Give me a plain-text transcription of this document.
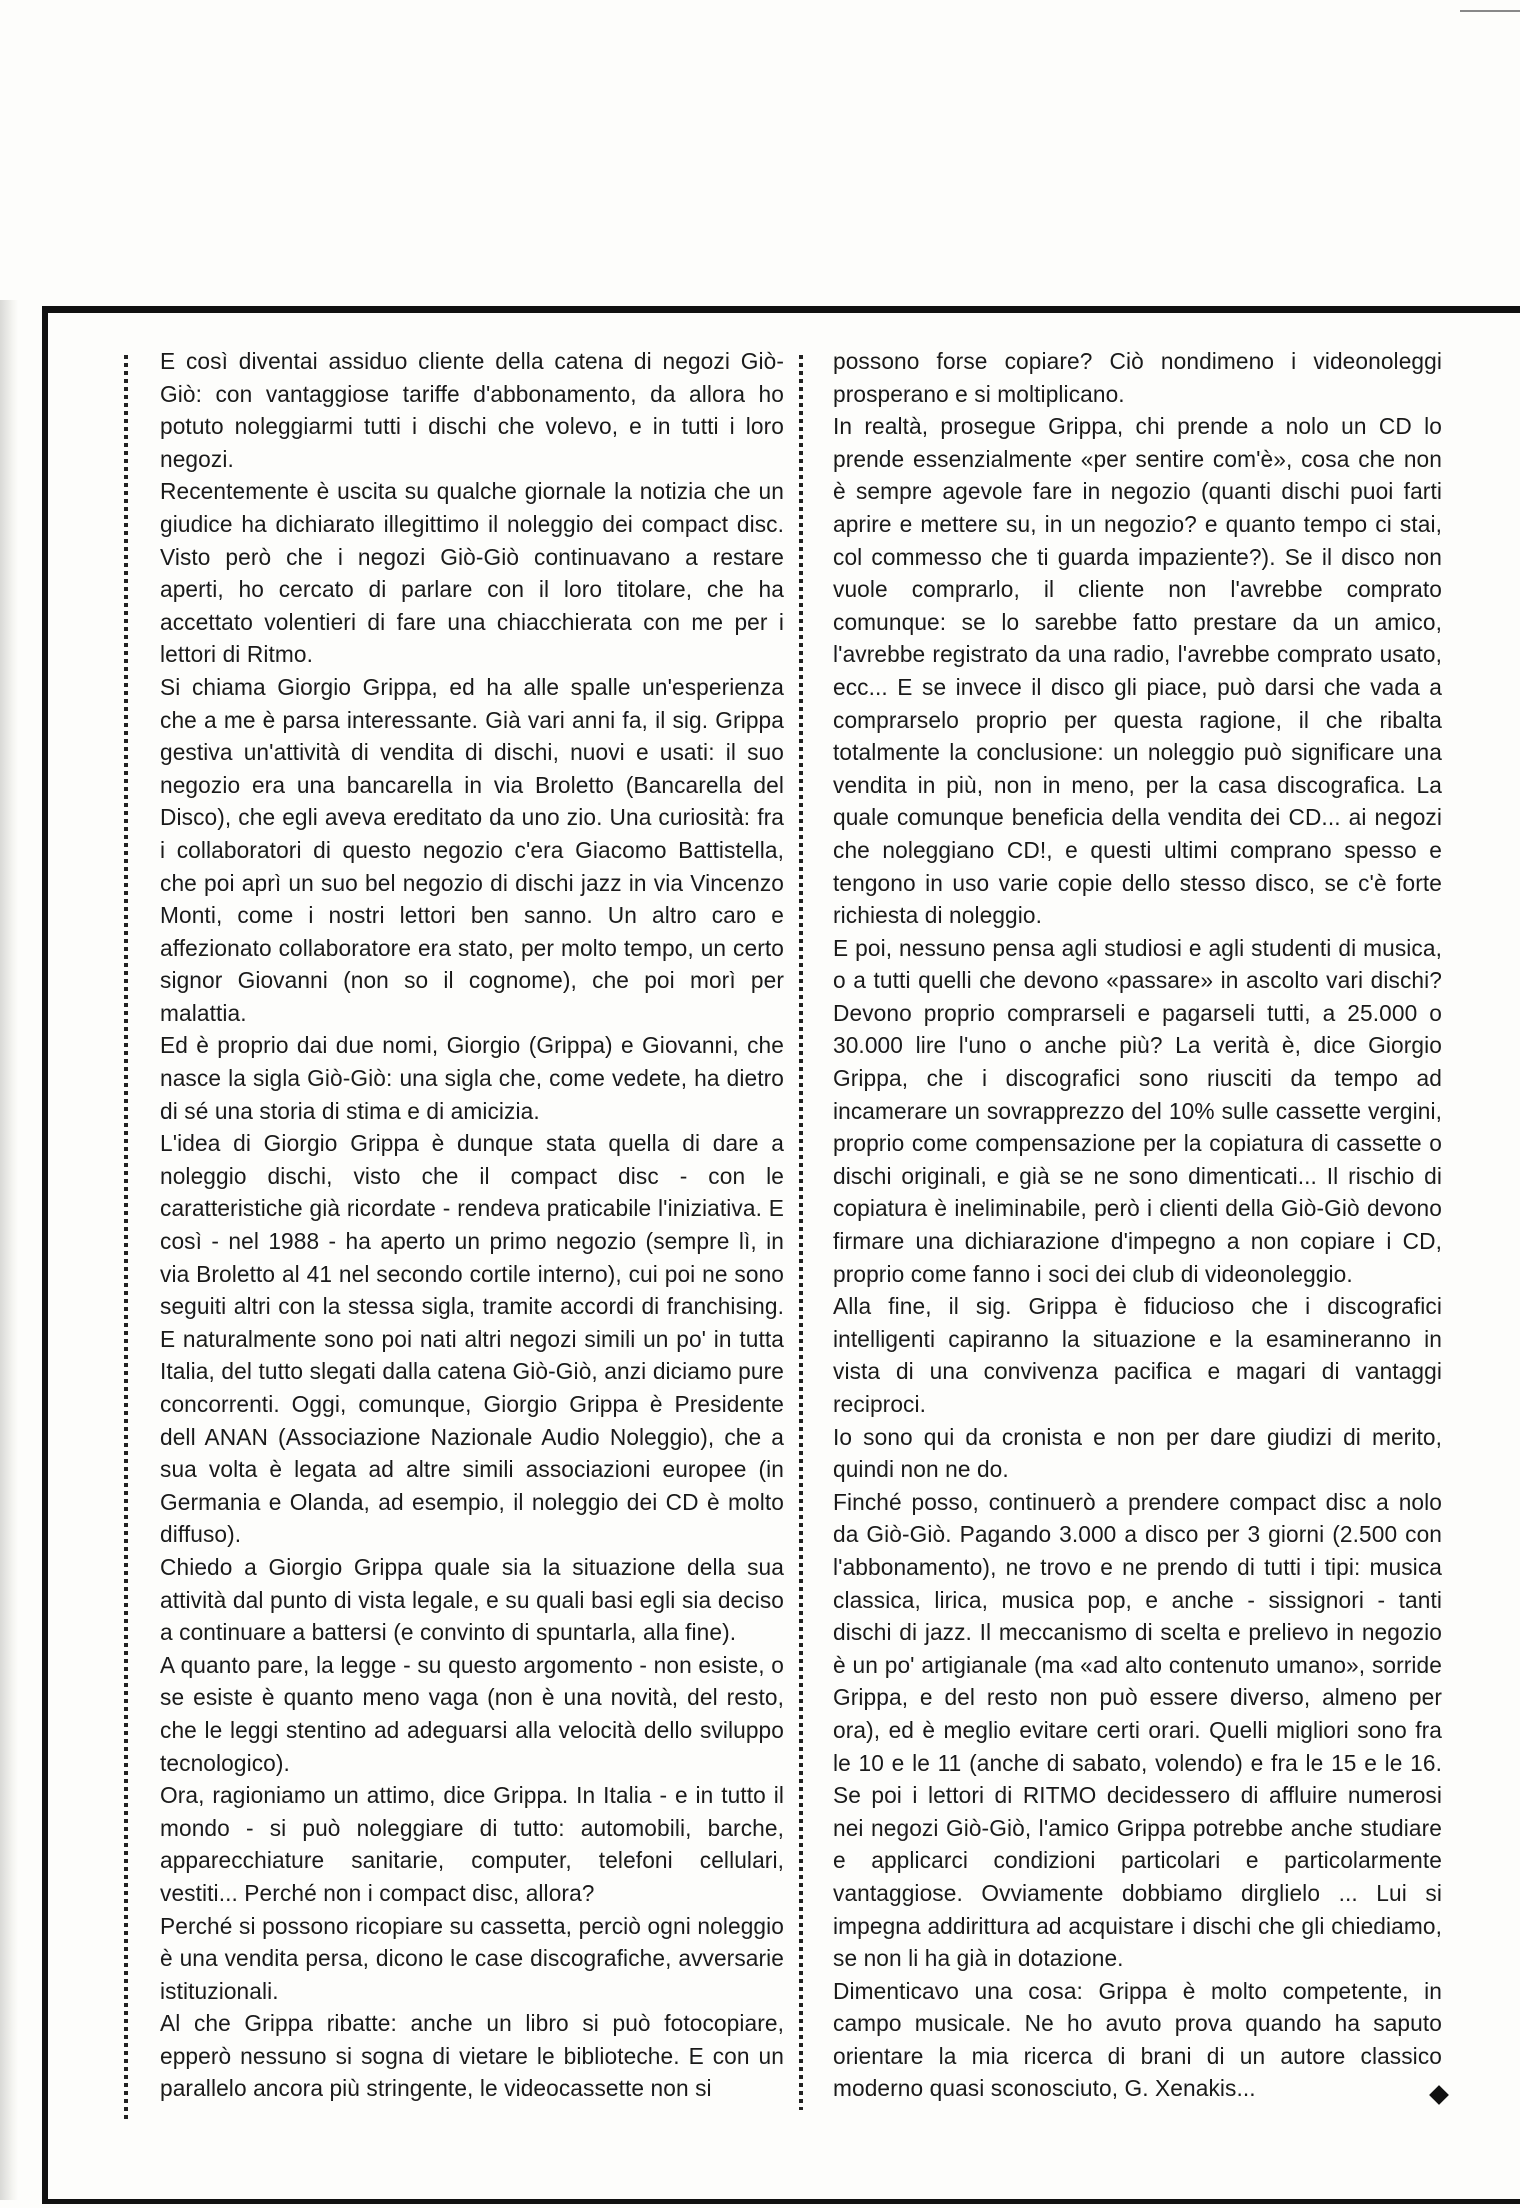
E così diventai assiduo cliente della catena di negozi Giò-Giò: con vantaggiose tariffe d'abbonamento, da allora ho potuto noleggiarmi tutti i dischi che volevo, e in tutti i loro negozi.

Recentemente è uscita su qualche giornale la notizia che un giudice ha dichiarato illegittimo il noleggio dei compact disc. Visto però che i negozi Giò-Giò continuavano a restare aperti, ho cercato di parlare con il loro titolare, che ha accettato volentieri di fare una chiacchierata con me per i lettori di Ritmo.

Si chiama Giorgio Grippa, ed ha alle spalle un'esperienza che a me è parsa interessante. Già vari anni fa, il sig. Grippa gestiva un'attività di vendita di dischi, nuovi e usati: il suo negozio era una bancarella in via Broletto (Bancarella del Disco), che egli aveva ereditato da uno zio. Una curiosità: fra i collaboratori di questo negozio c'era Giacomo Battistella, che poi aprì un suo bel negozio di dischi jazz in via Vincenzo Monti, come i nostri lettori ben sanno. Un altro caro e affezionato collaboratore era stato, per molto tempo, un certo signor Giovanni (non so il cognome), che poi morì per malattia.

Ed è proprio dai due nomi, Giorgio (Grippa) e Giovanni, che nasce la sigla Giò-Giò: una sigla che, come vedete, ha dietro di sé una storia di stima e di amicizia.

L'idea di Giorgio Grippa è dunque stata quella di dare a noleggio dischi, visto che il compact disc - con le caratteristiche già ricordate - rendeva praticabile l'iniziativa. E così - nel 1988 - ha aperto un primo negozio (sempre lì, in via Broletto al 41 nel secondo cortile interno), cui poi ne sono seguiti altri con la stessa sigla, tramite accordi di franchising. E naturalmente sono poi nati altri negozi simili un po' in tutta Italia, del tutto slegati dalla catena Giò-Giò, anzi diciamo pure concorrenti. Oggi, comunque, Giorgio Grippa è Presidente dell ANAN (Associazione Nazionale Audio Noleggio), che a sua volta è legata ad altre simili associazioni europee (in Germania e Olanda, ad esempio, il noleggio dei CD è molto diffuso).

Chiedo a Giorgio Grippa quale sia la situazione della sua attività dal punto di vista legale, e su quali basi egli sia deciso a continuare a battersi (e convinto di spuntarla, alla fine).

A quanto pare, la legge - su questo argomento - non esiste, o se esiste è quanto meno vaga (non è una novità, del resto, che le leggi stentino ad adeguarsi alla velocità dello sviluppo tecnologico).

Ora, ragioniamo un attimo, dice Grippa. In Italia - e in tutto il mondo - si può noleggiare di tutto: automobili, barche, apparecchiature sanitarie, computer, telefoni cellulari, vestiti... Perché non i compact disc, allora?

Perché si possono ricopiare su cassetta, perciò ogni noleggio è una vendita persa, dicono le case discografiche, avversarie istituzionali.

Al che Grippa ribatte: anche un libro si può fotocopiare, epperò nessuno si sogna di vietare le biblioteche. E con un parallelo ancora più stringente, le videocassette non si

possono forse copiare? Ciò nondimeno i videonoleggi prosperano e si moltiplicano.

In realtà, prosegue Grippa, chi prende a nolo un CD lo prende essenzialmente «per sentire com'è», cosa che non è sempre agevole fare in negozio (quanti dischi puoi farti aprire e mettere su, in un negozio? e quanto tempo ci stai, col commesso che ti guarda impaziente?). Se il disco non vuole comprarlo, il cliente non l'avrebbe comprato comunque: se lo sarebbe fatto prestare da un amico, l'avrebbe registrato da una radio, l'avrebbe comprato usato, ecc... E se invece il disco gli piace, può darsi che vada a comprarselo proprio per questa ragione, il che ribalta totalmente la conclusione: un noleggio può significare una vendita in più, non in meno, per la casa discografica. La quale comunque beneficia della vendita dei CD... ai negozi che noleggiano CD!, e questi ultimi comprano spesso e tengono in uso varie copie dello stesso disco, se c'è forte richiesta di noleggio.

E poi, nessuno pensa agli studiosi e agli studenti di musica, o a tutti quelli che devono «passare» in ascolto vari dischi? Devono proprio comprarseli e pagarseli tutti, a 25.000 o 30.000 lire l'uno o anche più? La verità è, dice Giorgio Grippa, che i discografici sono riusciti da tempo ad incamerare un sovrapprezzo del 10% sulle cassette vergini, proprio come compensazione per la copiatura di cassette o dischi originali, e già se ne sono dimenticati... Il rischio di copiatura è ineliminabile, però i clienti della Giò-Giò devono firmare una dichiarazione d'impegno a non copiare i CD, proprio come fanno i soci dei club di videonoleggio.

Alla fine, il sig. Grippa è fiducioso che i discografici intelligenti capiranno la situazione e la esamineranno in vista di una convivenza pacifica e magari di vantaggi reciproci.

Io sono qui da cronista e non per dare giudizi di merito, quindi non ne do.

Finché posso, continuerò a prendere compact disc a nolo da Giò-Giò. Pagando 3.000 a disco per 3 giorni (2.500 con l'abbonamento), ne trovo e ne prendo di tutti i tipi: musica classica, lirica, musica pop, e anche - sissignori - tanti dischi di jazz. Il meccanismo di scelta e prelievo in negozio è un po' artigianale (ma «ad alto contenuto umano», sorride Grippa, e del resto non può essere diverso, almeno per ora), ed è meglio evitare certi orari. Quelli migliori sono fra le 10 e le 11 (anche di sabato, volendo) e fra le 15 e le 16. Se poi i lettori di RITMO decidessero di affluire numerosi nei negozi Giò-Giò, l'amico Grippa potrebbe anche studiare e applicarci condizioni particolari e particolarmente vantaggiose. Ovviamente dobbiamo dirglielo ... Lui si impegna addirittura ad acquistare i dischi che gli chiediamo, se non li ha già in dotazione.

Dimenticavo una cosa: Grippa è molto competente, in campo musicale. Ne ho avuto prova quando ha saputo orientare la mia ricerca di brani di un autore classico moderno quasi sconosciuto, G. Xenakis...
